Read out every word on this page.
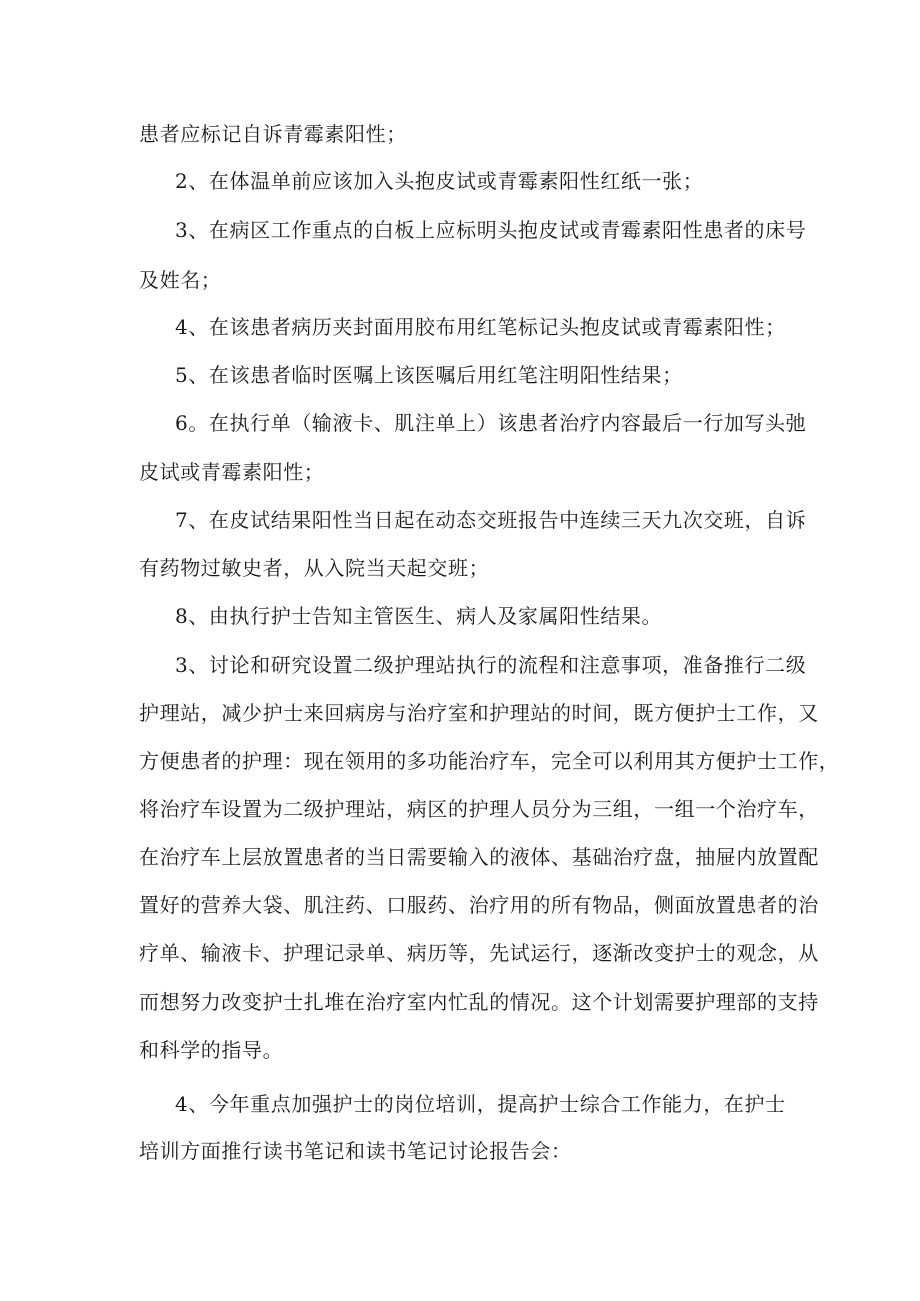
患者应标记自诉青霉素阳性；
2、在体温单前应该加入头抱皮试或青霉素阳性红纸一张；
3、在病区工作重点的白板上应标明头抱皮试或青霉素阳性患者的床号
及姓名；
4、在该患者病历夹封面用胶布用红笔标记头抱皮试或青霉素阳性；
5、在该患者临时医嘱上该医嘱后用红笔注明阳性结果；
6。在执行单（输液卡、肌注单上）该患者治疗内容最后一行加写头弛
皮试或青霉素阳性；
7、在皮试结果阳性当日起在动态交班报告中连续三天九次交班，自诉
有药物过敏史者，从入院当天起交班；
8、由执行护士告知主管医生、病人及家属阳性结果。
3、讨论和研究设置二级护理站执行的流程和注意事项，准备推行二级
护理站，减少护士来回病房与治疗室和护理站的时间，既方便护士工作，又
方便患者的护理：现在领用的多功能治疗车，完全可以利用其方便护士工作，
将治疗车设置为二级护理站，病区的护理人员分为三组，一组一个治疗车，
在治疗车上层放置患者的当日需要输入的液体、基础治疗盘，抽屉内放置配
置好的营养大袋、肌注药、口服药、治疗用的所有物品，侧面放置患者的治
疗单、输液卡、护理记录单、病历等，先试运行，逐渐改变护士的观念，从
而想努力改变护士扎堆在治疗室内忙乱的情况。这个计划需要护理部的支持
和科学的指导。
4、今年重点加强护士的岗位培训，提高护士综合工作能力，在护士
培训方面推行读书笔记和读书笔记讨论报告会：
